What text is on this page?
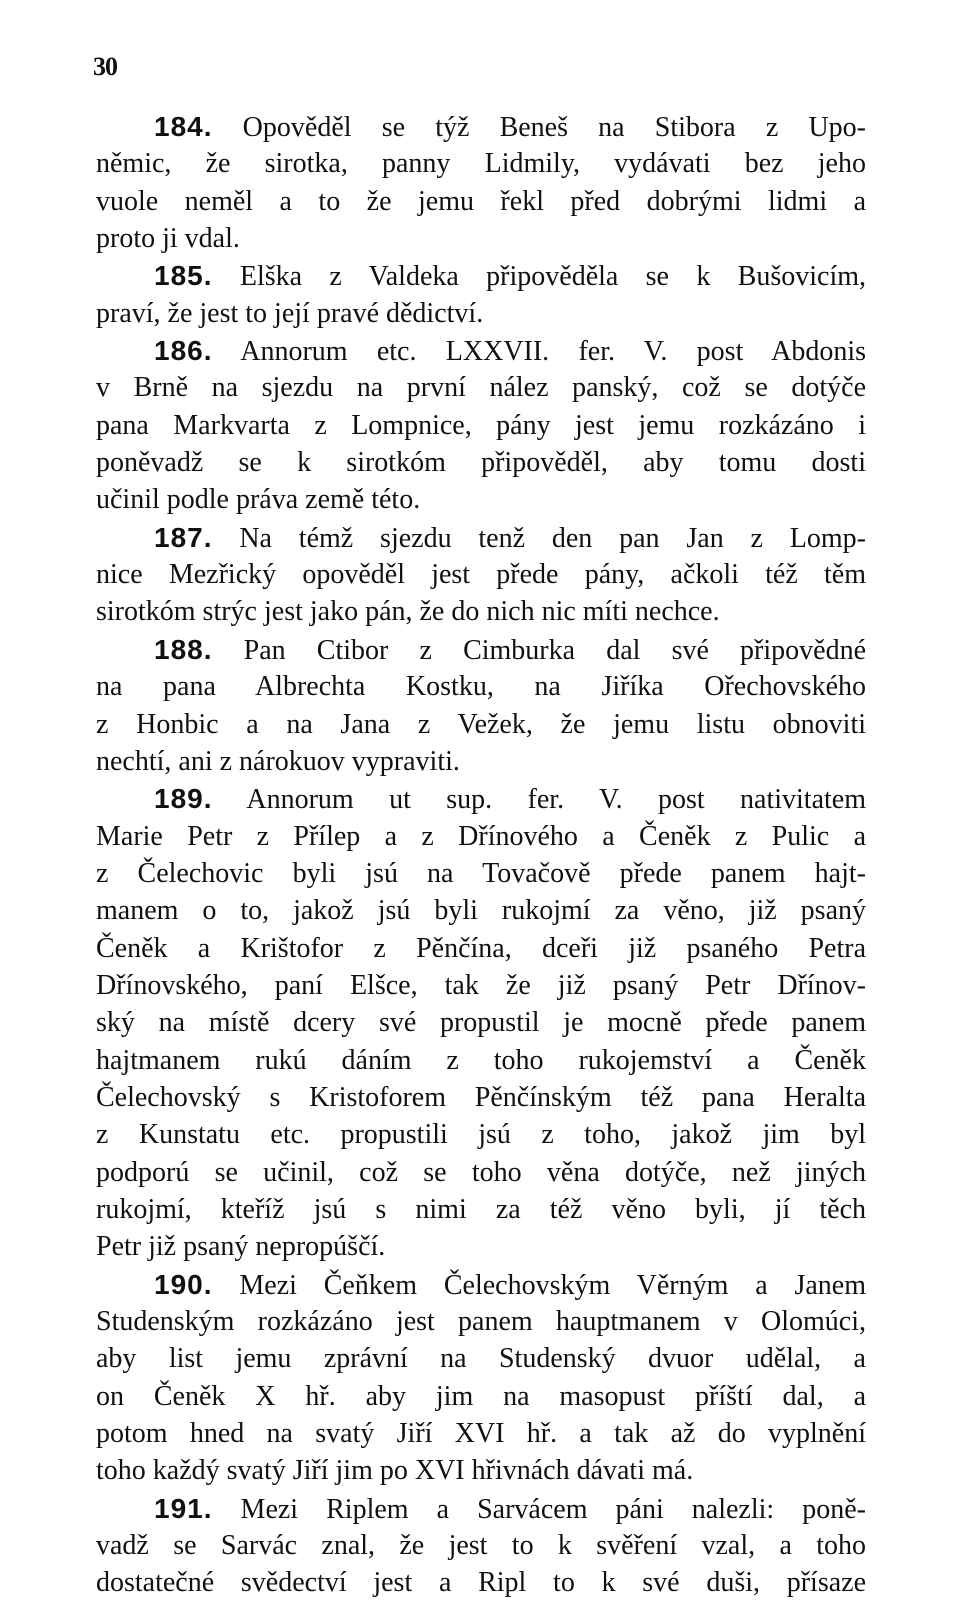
30
184. Opověděl se týž Beneš na Stibora z Upo-
němic, že sirotka, panny Lidmily, vydávati bez jeho
vuole neměl a to že jemu řekl před dobrými lidmi a
proto ji vdal.
185. Elška z Valdeka připověděla se k Bušovicím,
praví, že jest to její pravé dědictví.
186. Annorum etc. LXXVII. fer. V. post Abdonis
v Brně na sjezdu na první nález panský, což se dotýče
pana Markvarta z Lompnice, pány jest jemu rozkázáno i
poněvadž se k sirotkóm připověděl, aby tomu dosti
učinil podle práva země této.
187. Na témž sjezdu tenž den pan Jan z Lomp-
nice Mezřický opověděl jest přede pány, ačkoli též těm
sirotkóm strýc jest jako pán, že do nich nic míti nechce.
188. Pan Ctibor z Cimburka dal své připovědné
na pana Albrechta Kostku, na Jiříka Ořechovského
z Honbic a na Jana z Vežek, že jemu listu obnoviti
nechtí, ani z nárokuov vypraviti.
189. Annorum ut sup. fer. V. post nativitatem
Marie Petr z Přílep a z Dřínového a Čeněk z Pulic a
z Čelechovic byli jsú na Tovačově přede panem hajt-
manem o to, jakož jsú byli rukojmí za věno, již psaný
Čeněk a Krištofor z Pěnčína, dceři již psaného Petra
Dřínovského, paní Elšce, tak že již psaný Petr Dřínov-
ský na místě dcery své propustil je mocně přede panem
hajtmanem rukú dáním z toho rukojemství a Čeněk
Čelechovský s Kristoforem Pěnčínským též pana Heralta
z Kunstatu etc. propustili jsú z toho, jakož jim byl
podporú se učinil, což se toho věna dotýče, než jiných
rukojmí, kteříž jsú s nimi za též věno byli, jí těch
Petr již psaný nepropúščí.
190. Mezi Čeňkem Čelechovským Věrným a Janem
Studenským rozkázáno jest panem hauptmanem v Olomúci,
aby list jemu zprávní na Studenský dvuor udělal, a
on Čeněk X hř. aby jim na masopust příští dal, a
potom hned na svatý Jiří XVI hř. a tak až do vyplnění
toho každý svatý Jiří jim po XVI hřivnách dávati má.
191. Mezi Riplem a Sarvácem páni nalezli: poně-
vadž se Sarvác znal, že jest to k svěření vzal, a toho
dostatečné svědectví jest a Ripl to k své duši, přísaze
